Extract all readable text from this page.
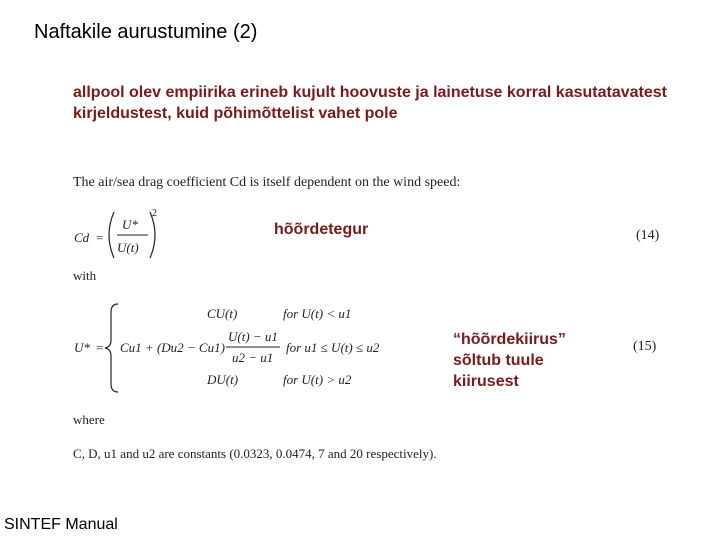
Naftakile aurustumine (2)
allpool olev empiirika erineb kujult hoovuste ja lainetuse korral kasutatavatest kirjeldustest, kuid põhimõttelist vahet pole
The air/sea drag coefficient Cd is itself dependent on the wind speed:
Cd =
U*
U(t)
2
with
U* =
CU(t)	for U(t) < u1
Cu1 + (Du2 − Cu1)
U(t) − u1
u2 − u1
for u1 ≤ U(t) ≤ u2
DU(t)	for U(t) > u2
where
C, D, u1 and u2 are constants (0.0323, 0.0474, 7 and 20 respectively).
(14)
(15)
hõõrdetegur
“hõõrdekiirus”
sõltub tuule
kiirusest
SINTEF Manual
